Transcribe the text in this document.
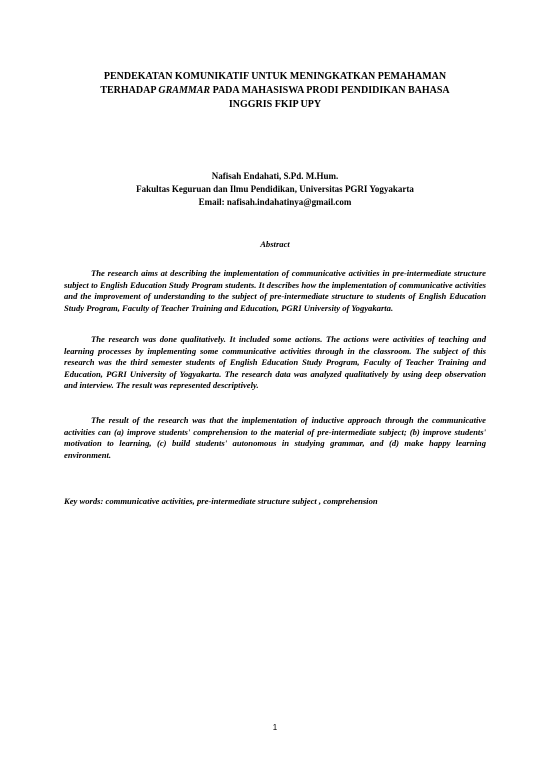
PENDEKATAN KOMUNIKATIF UNTUK MENINGKATKAN PEMAHAMAN
TERHADAP GRAMMAR PADA MAHASISWA PRODI PENDIDIKAN BAHASA
INGGRIS FKIP UPY
Nafisah Endahati, S.Pd. M.Hum.
Fakultas Keguruan dan Ilmu Pendidikan, Universitas PGRI Yogyakarta
Email: nafisah.indahatinya@gmail.com
Abstract

The research aims at describing the implementation of communicative activities in pre-intermediate structure subject to English Education Study Program students. It describes how the implementation of communicative activities and the improvement of understanding to the subject of pre-intermediate structure to students of English Education Study Program, Faculty of Teacher Training and Education, PGRI University of Yogyakarta.

The research was done qualitatively. It included some actions. The actions were activities of teaching and learning processes by implementing some communicative activities through in the classroom. The subject of this research was the third semester students of English Education Study Program, Faculty of Teacher Training and Education, PGRI University of Yogyakarta. The research data was analyzed qualitatively by using deep observation and interview. The result was represented descriptively.

The result of the research was that the implementation of inductive approach through the communicative activities can (a) improve students' comprehension to the material of pre-intermediate subject; (b) improve students' motivation to learning, (c) build students' autonomous in studying grammar, and (d) make happy learning environment.

Key words: communicative activities, pre-intermediate structure subject , comprehension
1
